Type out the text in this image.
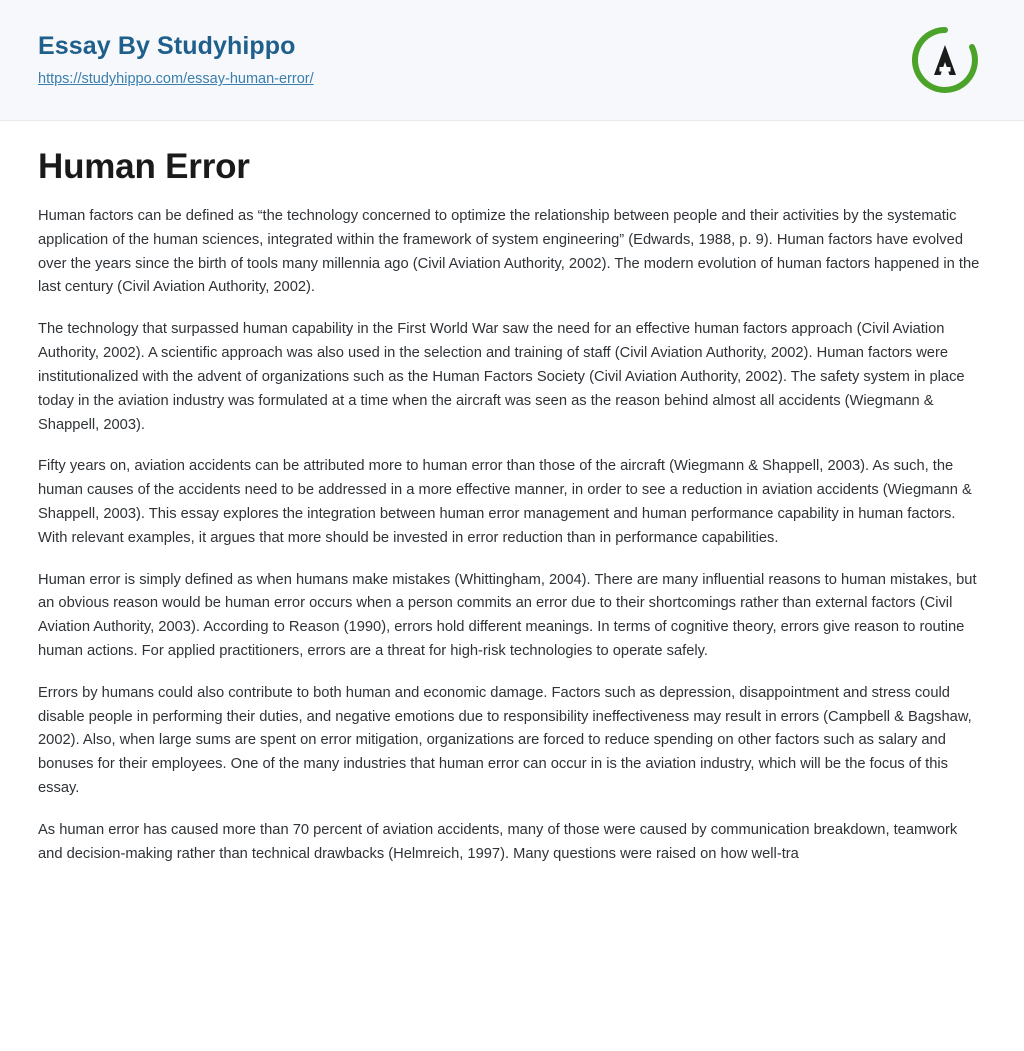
Essay By Studyhippo
https://studyhippo.com/essay-human-error/
Human Error

Human factors can be defined as “the technology concerned to optimize the relationship between people and their activities by the systematic application of the human sciences, integrated within the framework of system engineering” (Edwards, 1988, p. 9). Human factors have evolved over the years since the birth of tools many millennia ago (Civil Aviation Authority, 2002). The modern evolution of human factors happened in the last century (Civil Aviation Authority, 2002).

The technology that surpassed human capability in the First World War saw the need for an effective human factors approach (Civil Aviation Authority, 2002). A scientific approach was also used in the selection and training of staff (Civil Aviation Authority, 2002). Human factors were institutionalized with the advent of organizations such as the Human Factors Society (Civil Aviation Authority, 2002). The safety system in place today in the aviation industry was formulated at a time when the aircraft was seen as the reason behind almost all accidents (Wiegmann & Shappell, 2003).

Fifty years on, aviation accidents can be attributed more to human error than those of the aircraft (Wiegmann & Shappell, 2003). As such, the human causes of the accidents need to be addressed in a more effective manner, in order to see a reduction in aviation accidents (Wiegmann & Shappell, 2003). This essay explores the integration between human error management and human performance capability in human factors. With relevant examples, it argues that more should be invested in error reduction than in performance capabilities.

Human error is simply defined as when humans make mistakes (Whittingham, 2004). There are many influential reasons to human mistakes, but an obvious reason would be human error occurs when a person commits an error due to their shortcomings rather than external factors (Civil Aviation Authority, 2003). According to Reason (1990), errors hold different meanings. In terms of cognitive theory, errors give reason to routine human actions. For applied practitioners, errors are a threat for high-risk technologies to operate safely.

Errors by humans could also contribute to both human and economic damage. Factors such as depression, disappointment and stress could disable people in performing their duties, and negative emotions due to responsibility ineffectiveness may result in errors (Campbell & Bagshaw, 2002). Also, when large sums are spent on error mitigation, organizations are forced to reduce spending on other factors such as salary and bonuses for their employees. One of the many industries that human error can occur in is the aviation industry, which will be the focus of this essay.

As human error has caused more than 70 percent of aviation accidents, many of those were caused by communication breakdown, teamwork and decision-making rather than technical drawbacks (Helmreich, 1997). Many questions were raised on how well-tra
